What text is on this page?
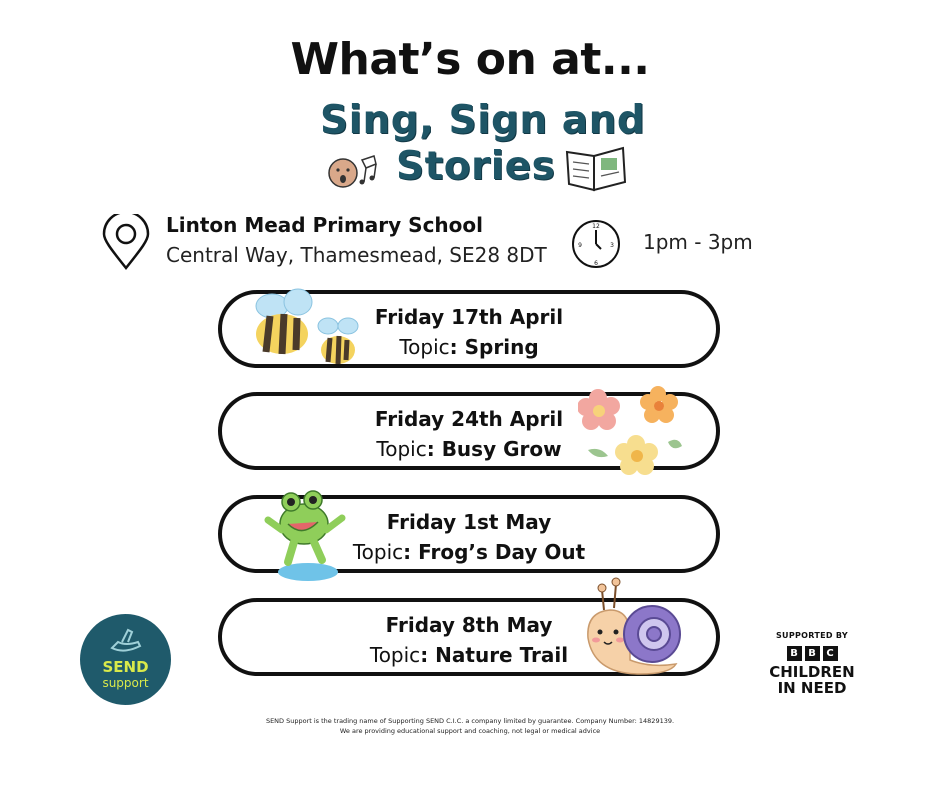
What’s on at...
Sing, Sign and
Stories
Linton Mead Primary School
Central Way, Thamesmead, SE28 8DT
12
3
6
9	1pm - 3pm
Friday 17th April
Topic: Spring
Friday 24th April
Topic: Busy Grow
Friday 1st May
Topic: Frog’s Day Out
Friday 8th May
Topic: Nature Trail
SEND
support
SUPPORTED BY
B	B	C
CHILDREN
IN NEED
SEND Support is the trading name of Supporting SEND C.I.C. a company limited by guarantee. Company Number: 14829139.
We are providing educational support and coaching, not legal or medical advice
